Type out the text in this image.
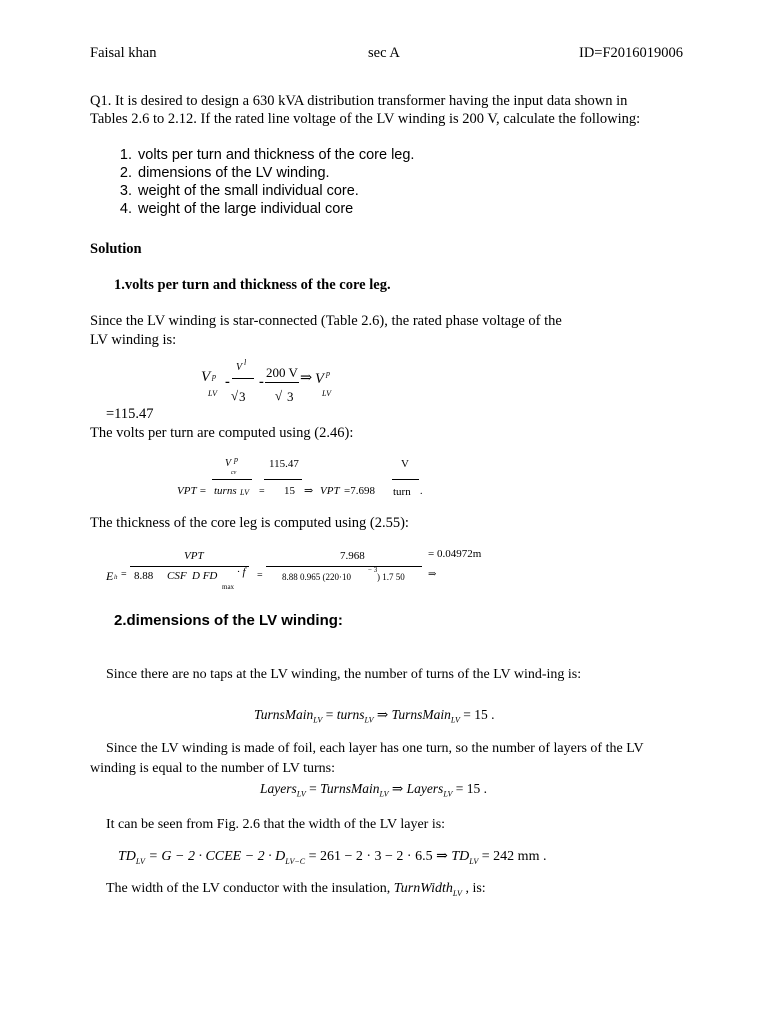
Faisal khan	sec A	ID=F2016019006
Q1. It is desired to design a 630 kVA distribution transformer having the input data shown in
Tables 2.6 to 2.12. If the rated line voltage of the LV winding is 200 V, calculate the following:
1. volts per turn and thickness of the core leg.
2. dimensions of the LV winding.
3. weight of the small individual core.
4. weight of the large individual core
Solution
1.volts per turn and thickness of the core leg.
Since the LV winding is star-connected (Table 2.6), the rated phase voltage of the
LV winding is:
V p
LV
-
V l
√ 3
-
200 V
√ 3
⇒ V p
LV
=115.47
The volts per turn are computed using (2.46):
V p
cv
115.47	V
VPT = turns LV = 15 ⇒ VPT =7.698 turn .
The thickness of the core leg is computed using (2.55):
VPT	7.968	= 0.04972m
E lt = 8.88 CSF D FD · f
max
= 8.88 0.965 (220·10
− 3
) 1.7 50 ⇒
2.dimensions of the LV winding:
Since there are no taps at the LV winding, the number of turns of the LV wind-ing is:
TurnsMain$_{LV}$ = turns$_{LV}$ ⇒ TurnsMain$_{LV}$ = 15 .
Since the LV winding is made of foil, each layer has one turn, so the number of layers of the LV
winding is equal to the number of LV turns:
Layers$_{LV}$ = TurnsMain$_{LV}$ ⇒ Layers$_{LV}$ = 15 .
It can be seen from Fig. 2.6 that the width of the LV layer is:
$TD_{LV} = G - 2$ · CCEE − $2 \cdot D_{LV-C} = 261 - 2 \cdot 3 - 2 \cdot 6.5$ ⇒ $TD_{LV} = 242$ mm .
The width of the LV conductor with the insulation, TurnWidth$_{LV}$ , is:
